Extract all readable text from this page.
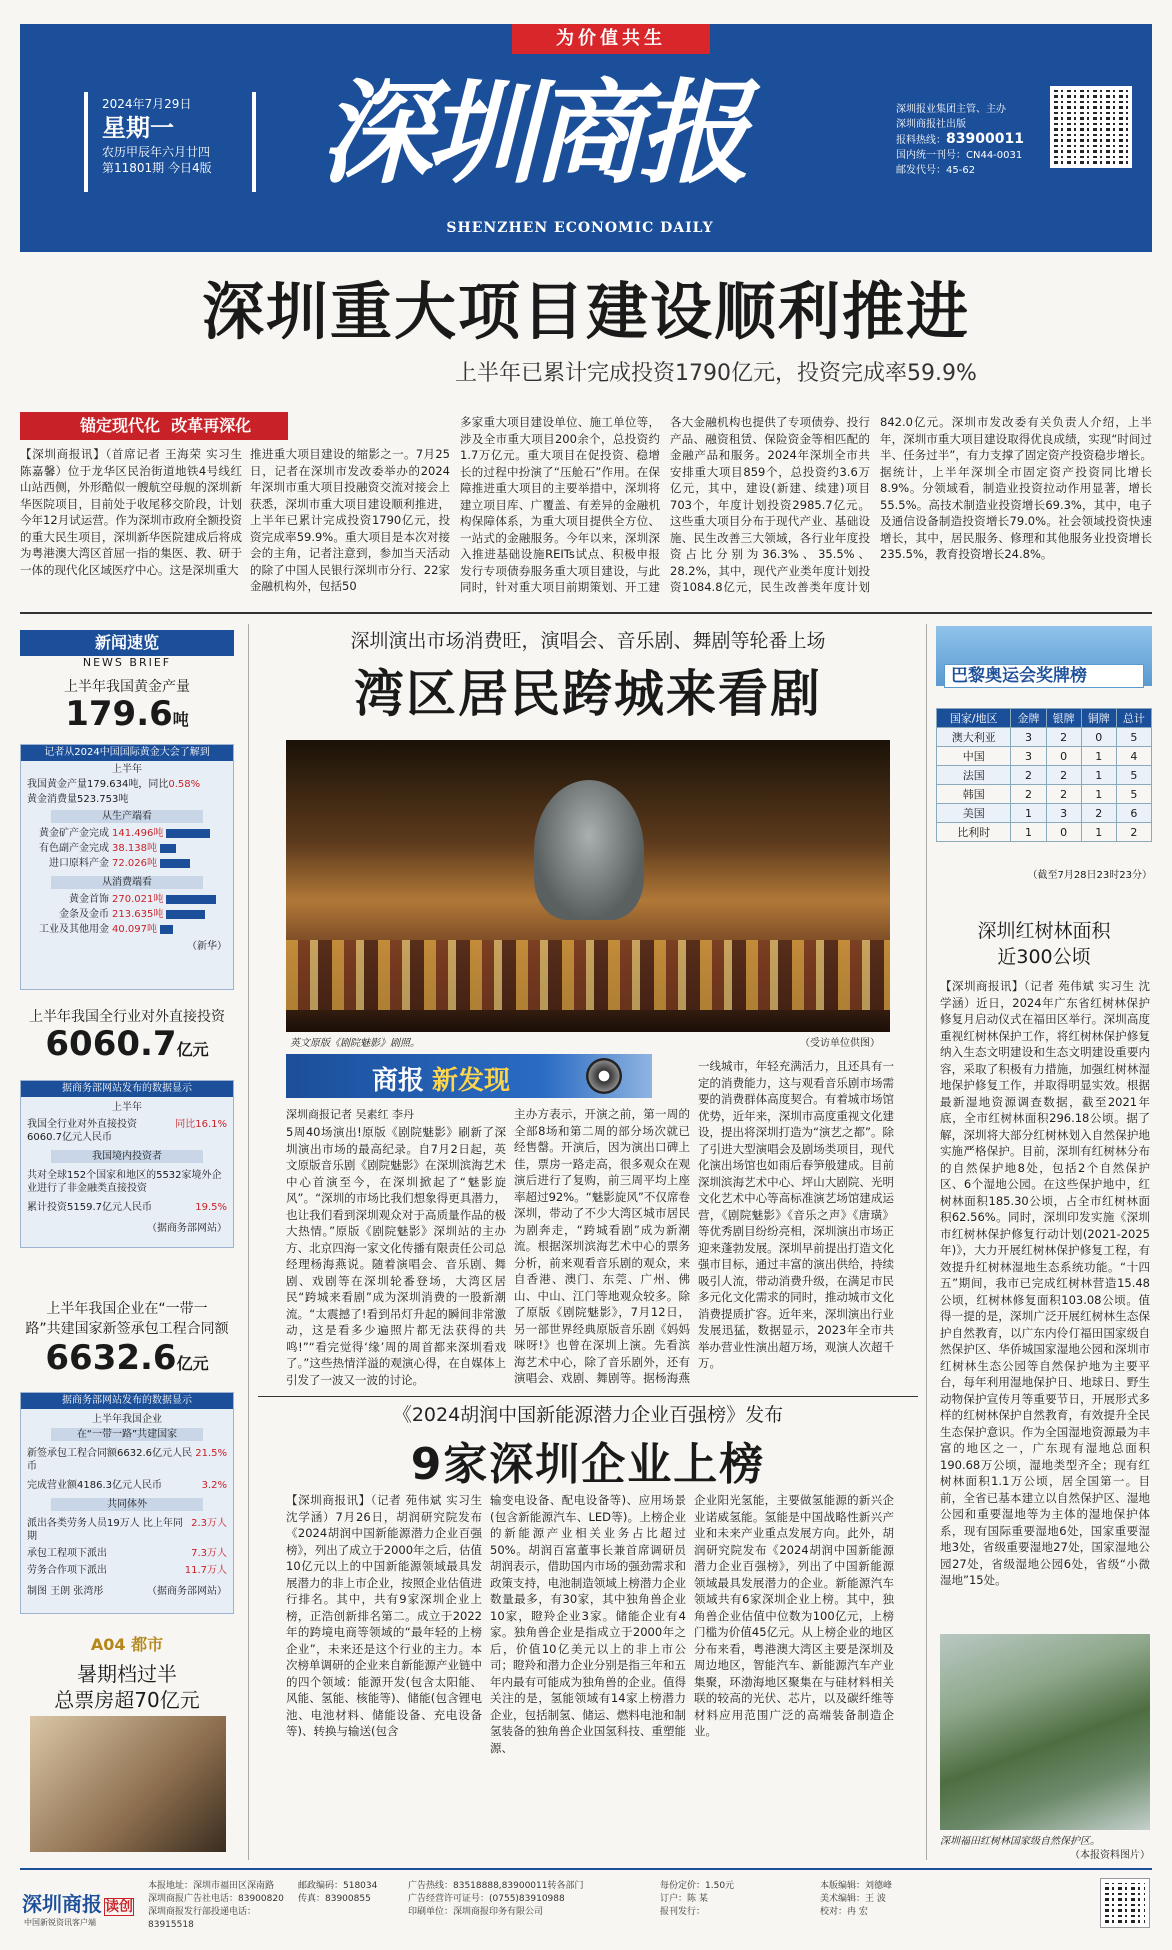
为价值共生
2024年7月29日
星期一
农历甲辰年六月廿四
第11801期 今日4版 深圳商报
SHENZHEN ECONOMIC DAILY
深圳报业集团主管、主办
深圳商报社出版
报料热线：83900011
国内统一刊号：CN44-0031
邮发代号：45-62
深圳重大项目建设顺利推进
上半年已累计完成投资1790亿元，投资完成率59.9%
锚定现代化 改革再深化
【深圳商报讯】（首席记者 王海荣 实习生 陈嘉馨）位于龙华区民治街道地铁4号线红山站西侧，外形酷似一艘航空母舰的深圳新华医院项目，目前处于收尾移交阶段，计划今年12月试运营。作为深圳市政府全额投资的重大民生项目，深圳新华医院建成后将成为粤港澳大湾区首屈一指的集医、教、研于一体的现代化区域医疗中心。这是深圳重大
推进重大项目建设的缩影之一。7月25日，记者在深圳市发改委举办的2024年深圳市重大项目投融资交流对接会上获悉，深圳市重大项目建设顺利推进，上半年已累计完成投资1790亿元，投资完成率59.9%。重大项目是本次对接会的主角，记者注意到，参加当天活动的除了中国人民银行深圳市分行、22家金融机构外，包括50
多家重大项目建设单位、施工单位等，涉及全市重大项目200余个，总投资约1.7万亿元。重大项目在促投资、稳增长的过程中扮演了“压舱石”作用。在保障推进重大项目的主要举措中，深圳将建立项目库、广覆盖、有差异的金融机构保障体系，为重大项目提供全方位、一站式的金融服务。今年以来，深圳深入推进基础设施REITs试点、积极申报发行专项债券服务重大项目建设，与此同时，针对重大项目前期策划、开工建
各大金融机构也提供了专项债券、投行产品、融资租赁、保险资金等相匹配的金融产品和服务。2024年深圳全市共安排重大项目859个，总投资约3.6万亿元，其中，建设(新建、续建)项目703个，年度计划投资2985.7亿元。这些重大项目分布于现代产业、基础设施、民生改善三大领域，各行业年度投资占比分别为36.3%、35.5%、28.2%，其中，现代产业类年度计划投资1084.8亿元，民生改善类年度计划
842.0亿元。深圳市发改委有关负责人介绍，上半年，深圳市重大项目建设取得优良成绩，实现“时间过半、任务过半”，有力支撑了固定资产投资稳步增长。据统计，上半年深圳全市固定资产投资同比增长8.9%。分领域看，制造业投资拉动作用显著，增长55.5%。高技术制造业投资增长69.3%，其中，电子及通信设备制造投资增长79.0%。社会领域投资快速增长，其中，居民服务、修理和其他服务业投资增长235.5%，教育投资增长24.8%。
新闻速览
NEWS BRIEF
上半年我国黄金产量
179.6吨
记者从2024中国国际黄金大会了解到
上半年
我国黄金产量179.634吨，同比0.58%
黄金消费量523.753吨
从生产端看
黄金矿产金完成 141.496吨
有色副产金完成 38.138吨
进口原料产金 72.026吨
从消费端看
黄金首饰 270.021吨
金条及金币 213.635吨
工业及其他用金 40.097吨
（新华）
上半年我国全行业对外直接投资
6060.7亿元
据商务部网站发布的数据显示
上半年
我国全行业对外直接投资6060.7亿元人民币
同比16.1%
我国境内投资者
共对全球152个国家和地区的5532家境外企业进行了非金融类直接投资
累计投资5159.7亿元人民币	19.5%
（据商务部网站）
上半年我国企业在“一带一
路”共建国家新签承包工程合同额
6632.6亿元
据商务部网站发布的数据显示
上半年我国企业
在“一带一路”共建国家
新签承包工程合同额6632.6亿元人民币
21.5%
完成营业额4186.3亿元人民币	3.2%
共同体外
派出各类劳务人员19万人 比上年同期
2.3万人
承包工程项下派出	7.3万人
劳务合作项下派出	11.7万人
制图 王朗 张湾彤	（据商务部网站）
A04 都市
暑期档过半
总票房超70亿元
深圳演出市场消费旺，演唱会、音乐剧、舞剧等轮番上场
湾区居民跨城来看剧
英文原版《剧院魅影》剧照。	（受访单位供图）
商报 新发现
深圳商报记者 吴素红 李丹
5周40场演出!原版《剧院魅影》刷新了深圳演出市场的最高纪录。自7月2日起，英文原版音乐剧《剧院魅影》在深圳滨海艺术中心首演至今，在深圳掀起了“魅影旋风”。“深圳的市场比我们想象得更具潜力，也让我们看到深圳观众对于高质量作品的极大热情。”原版《剧院魅影》深圳站的主办方、北京四海一家文化传播有限责任公司总经理杨海燕说。随着演唱会、音乐剧、舞剧、戏剧等在深圳轮番登场，大湾区居民“跨城来看剧”成为深圳消费的一股新潮流。“太震撼了!看到吊灯升起的瞬间非常激动，这是看多少遍照片都无法获得的共鸣!”“看完觉得‘缘’周的周首都来深圳看戏了。”这些热情洋溢的观演心得，在自媒体上引发了一波又一波的讨论。
主办方表示，开演之前，第一周的全部8场和第二周的部分场次就已经售罄。开演后，因为演出口碑上佳，票房一路走高，很多观众在观演后进行了复购，前三周平均上座率超过92%。“魅影旋风”不仅席卷深圳，带动了不少大湾区城市居民为剧奔走，“跨城看剧”成为新潮流。根据深圳滨海艺术中心的票务分析，前来观看音乐剧的观众，来自香港、澳门、东莞、广州、佛山、中山、江门等地观众较多。除了原版《剧院魅影》，7月12日，另一部世界经典原版音乐剧《妈妈咪呀!》也曾在深圳上演。先看滨海艺术中心，除了音乐剧外，还有演唱会、戏剧、舞剧等。据杨海燕
一线城市，年轻充满活力，且还具有一定的消费能力，这与观看音乐剧市场需要的消费群体高度契合。有着城市场馆优势，近年来，深圳市高度重视文化建设，提出将深圳打造为“演艺之都”。除了引进大型演唱会及剧场类项目，现代化演出场馆也如雨后春笋般建成。目前深圳滨海艺术中心、坪山大剧院、光明文化艺术中心等高标准演艺场馆建成运营，《剧院魅影》《音乐之声》《唐璜》等优秀剧目纷纷亮相，深圳演出市场正迎来蓬勃发展。深圳早前提出打造文化强市目标，通过丰富的演出供给，持续吸引人流，带动消费升级，在满足市民多元化文化需求的同时，推动城市文化消费提质扩容。近年来，深圳演出行业发展迅猛，数据显示，2023年全市共举办营业性演出超万场，观演人次超千万。
《2024胡润中国新能源潜力企业百强榜》发布
9家深圳企业上榜
【深圳商报讯】（记者 苑伟斌 实习生 沈学涵）7月26日，胡润研究院发布《2024胡润中国新能源潜力企业百强榜》，列出了成立于2000年之后，估值10亿元以上的中国新能源领域最具发展潜力的非上市企业，按照企业估值进行排名。其中，共有9家深圳企业上榜，正浩创新排名第二。成立于2022年的跨境电商等领域的“最年轻的上榜企业”，未来还是这个行业的主力。本次榜单调研的企业来自新能源产业链中的四个领域：能源开发(包含太阳能、风能、氢能、核能等)、储能(包含锂电池、电池材料、储能设备、充电设备等)、转换与输送(包含
输变电设备、配电设备等)、应用场景(包含新能源汽车、LED等)。上榜企业的新能源产业相关业务占比超过50%。胡润百富董事长兼首席调研员胡润表示，借助国内市场的强劲需求和政策支持，电池制造领域上榜潜力企业数量最多，有30家，其中独角兽企业10家，瞪羚企业3家。储能企业有4家。独角兽企业是指成立于2000年之后，价值10亿美元以上的非上市公司；瞪羚和潜力企业分别是指三年和五年内最有可能成为独角兽的企业。值得关注的是，氢能领域有14家上榜潜力企业，包括制氢、储运、燃料电池和制氢装备的独角兽企业国氢科技、重塑能源、
企业阳光氢能，主要做氢能源的新兴企业诺威氢能。氢能是中国战略性新兴产业和未来产业重点发展方向。此外，胡润研究院发布《2024胡润中国新能源潜力企业百强榜》，列出了中国新能源领域最具发展潜力的企业。新能源汽车领域共有6家深圳企业上榜。其中，独角兽企业估值中位数为100亿元，上榜门槛为价值45亿元。从上榜企业的地区分布来看，粤港澳大湾区主要是深圳及周边地区，智能汽车、新能源汽车产业集聚，环渤海地区聚集在与硅材料相关联的较高的光伏、芯片，以及碳纤维等材料应用范围广泛的高端装备制造企业。
巴黎奥运会奖牌榜
国家/地区	金牌	银牌	铜牌	总计
澳大利亚	3	2	0	5
中国	3	0	1	4
法国	2	2	1	5
韩国	2	2	1	5
美国	1	3	2	6
比利时	1	0	1	2
（截至7月28日23时23分）
深圳红树林面积
近300公顷
【深圳商报讯】（记者 苑伟斌 实习生 沈学涵）近日，2024年广东省红树林保护修复月启动仪式在福田区举行。深圳高度重视红树林保护工作，将红树林保护修复纳入生态文明建设和生态文明建设重要内容，采取了积极有力措施，加强红树林湿地保护修复工作，并取得明显实效。根据最新湿地资源调查数据，截至2021年底，全市红树林面积296.18公顷。据了解，深圳将大部分红树林划入自然保护地实施严格保护。目前，深圳有红树林分布的自然保护地8处，包括2个自然保护区、6个湿地公园。在这些保护地中，红树林面积185.30公顷，占全市红树林面积62.56%。同时，深圳印发实施《深圳市红树林保护修复行动计划(2021-2025年)》，大力开展红树林保护修复工程，有效提升红树林湿地生态系统功能。“十四五”期间，我市已完成红树林营造15.48公顷，红树林修复面积103.08公顷。值得一提的是，深圳广泛开展红树林生态保护自然教育，以广东内伶仃福田国家级自然保护区、华侨城国家湿地公园和深圳市红树林生态公园等自然保护地为主要平台，每年利用湿地保护日、地球日、野生动物保护宣传月等重要节日，开展形式多样的红树林保护自然教育，有效提升全民生态保护意识。作为全国湿地资源最为丰富的地区之一，广东现有湿地总面积190.68万公顷，湿地类型齐全；现有红树林面积1.1万公顷，居全国第一。目前，全省已基本建立以自然保护区、湿地公园和重要湿地等为主体的湿地保护体系，现有国际重要湿地6处，国家重要湿地3处，省级重要湿地27处，国家湿地公园27处，省级湿地公园6处，省级“小微湿地”15处。
深圳福田红树林国家级自然保护区。
（本报资料图片）
深圳商报 读创
中国新锐资讯客户端
本报地址：深圳市福田区深南路
深圳商报广告社电话：83900820
深圳商报发行部投递电话：83915518
邮政编码：518034
传真：83900855
广告热线：83518888,83900011转各部门
广告经营许可证号：(0755)83910988
印刷单位：深圳商报印务有限公司
每份定价：1.50元
订户：陈 某
报刊发行：
本版编辑：刘德峰
美术编辑：王 波
校对：冉 宏
